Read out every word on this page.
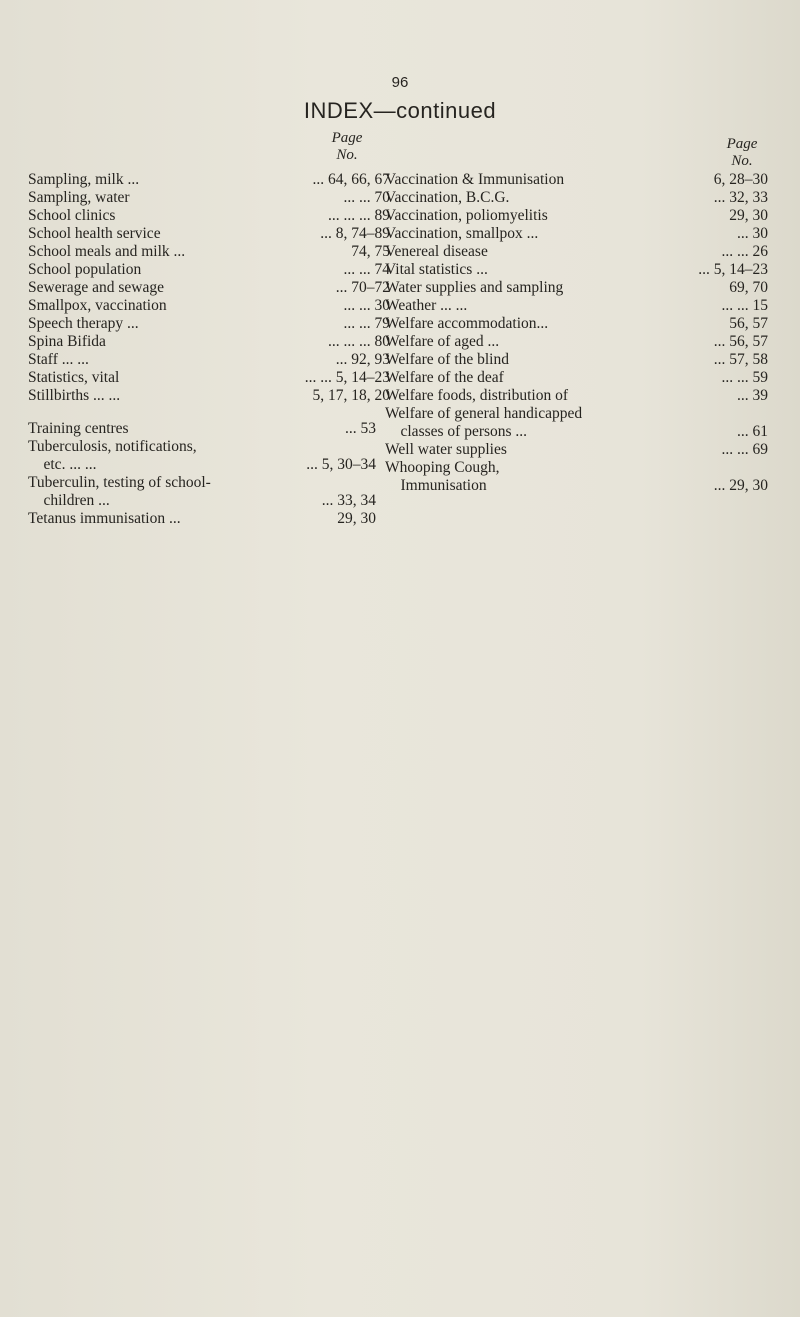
96
INDEX—continued
Page
No.
Page
No.
Sampling, milk ...	... 64, 66, 67
Sampling, water	... ... 70
School clinics	... ... ... 89
School health service	... 8, 74–89
School meals and milk ...	74, 75
School population	... ... 74
Sewerage and sewage	... 70–72
Smallpox, vaccination	... ... 30
Speech therapy ...	... ... 79
Spina Bifida	... ... ... 80
Staff ... ...	... 92, 93
Statistics, vital	... ... 5, 14–23
Stillbirths ... ...	5, 17, 18, 20
Training centres	... 53
Tuberculosis, notifications,
etc. ... ...	... 5, 30–34
Tuberculin, testing of school-
children ...	... 33, 34
Tetanus immunisation ...	29, 30
Vaccination & Immunisation	6, 28–30
Vaccination, B.C.G.	... 32, 33
Vaccination, poliomyelitis	29, 30
Vaccination, smallpox ...	... 30
Venereal disease	... ... 26
Vital statistics ...	... 5, 14–23
Water supplies and sampling	69, 70
Weather ... ...	... ... 15
Welfare accommodation...	56, 57
Welfare of aged ...	... 56, 57
Welfare of the blind	... 57, 58
Welfare of the deaf	... ... 59
Welfare foods, distribution of	... 39
Welfare of general handicapped
classes of persons ...	... 61
Well water supplies	... ... 69
Whooping Cough,
Immunisation	... 29, 30
